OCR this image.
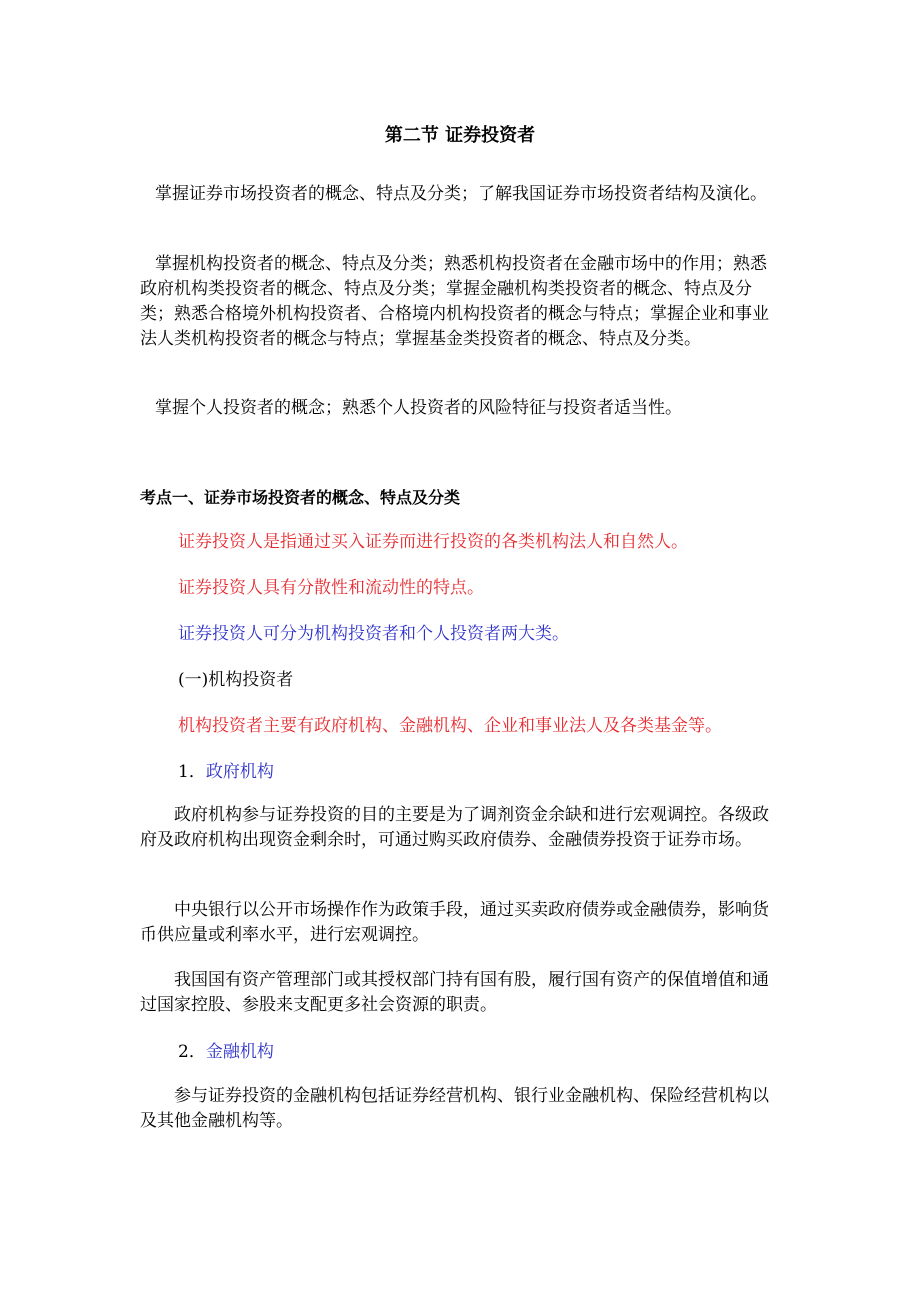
第二节 证券投资者

掌握证券市场投资者的概念、特点及分类；了解我国证券市场投资者结构及演化。

掌握机构投资者的概念、特点及分类；熟悉机构投资者在金融市场中的作用；熟悉政府机构类投资者的概念、特点及分类；掌握金融机构类投资者的概念、特点及分类；熟悉合格境外机构投资者、合格境内机构投资者的概念与特点；掌握企业和事业法人类机构投资者的概念与特点；掌握基金类投资者的概念、特点及分类。

掌握个人投资者的概念；熟悉个人投资者的风险特征与投资者适当性。

考点一、证券市场投资者的概念、特点及分类
证券投资人是指通过买入证券而进行投资的各类机构法人和自然人。
证券投资人具有分散性和流动性的特点。
证券投资人可分为机构投资者和个人投资者两大类。
(一)机构投资者
机构投资者主要有政府机构、金融机构、企业和事业法人及各类基金等。
1．政府机构

政府机构参与证券投资的目的主要是为了调剂资金余缺和进行宏观调控。各级政府及政府机构出现资金剩余时，可通过购买政府债券、金融债券投资于证券市场。

中央银行以公开市场操作作为政策手段，通过买卖政府债券或金融债券，影响货币供应量或利率水平，进行宏观调控。

我国国有资产管理部门或其授权部门持有国有股，履行国有资产的保值增值和通过国家控股、参股来支配更多社会资源的职责。

2．金融机构

参与证券投资的金融机构包括证券经营机构、银行业金融机构、保险经营机构以及其他金融机构等。
